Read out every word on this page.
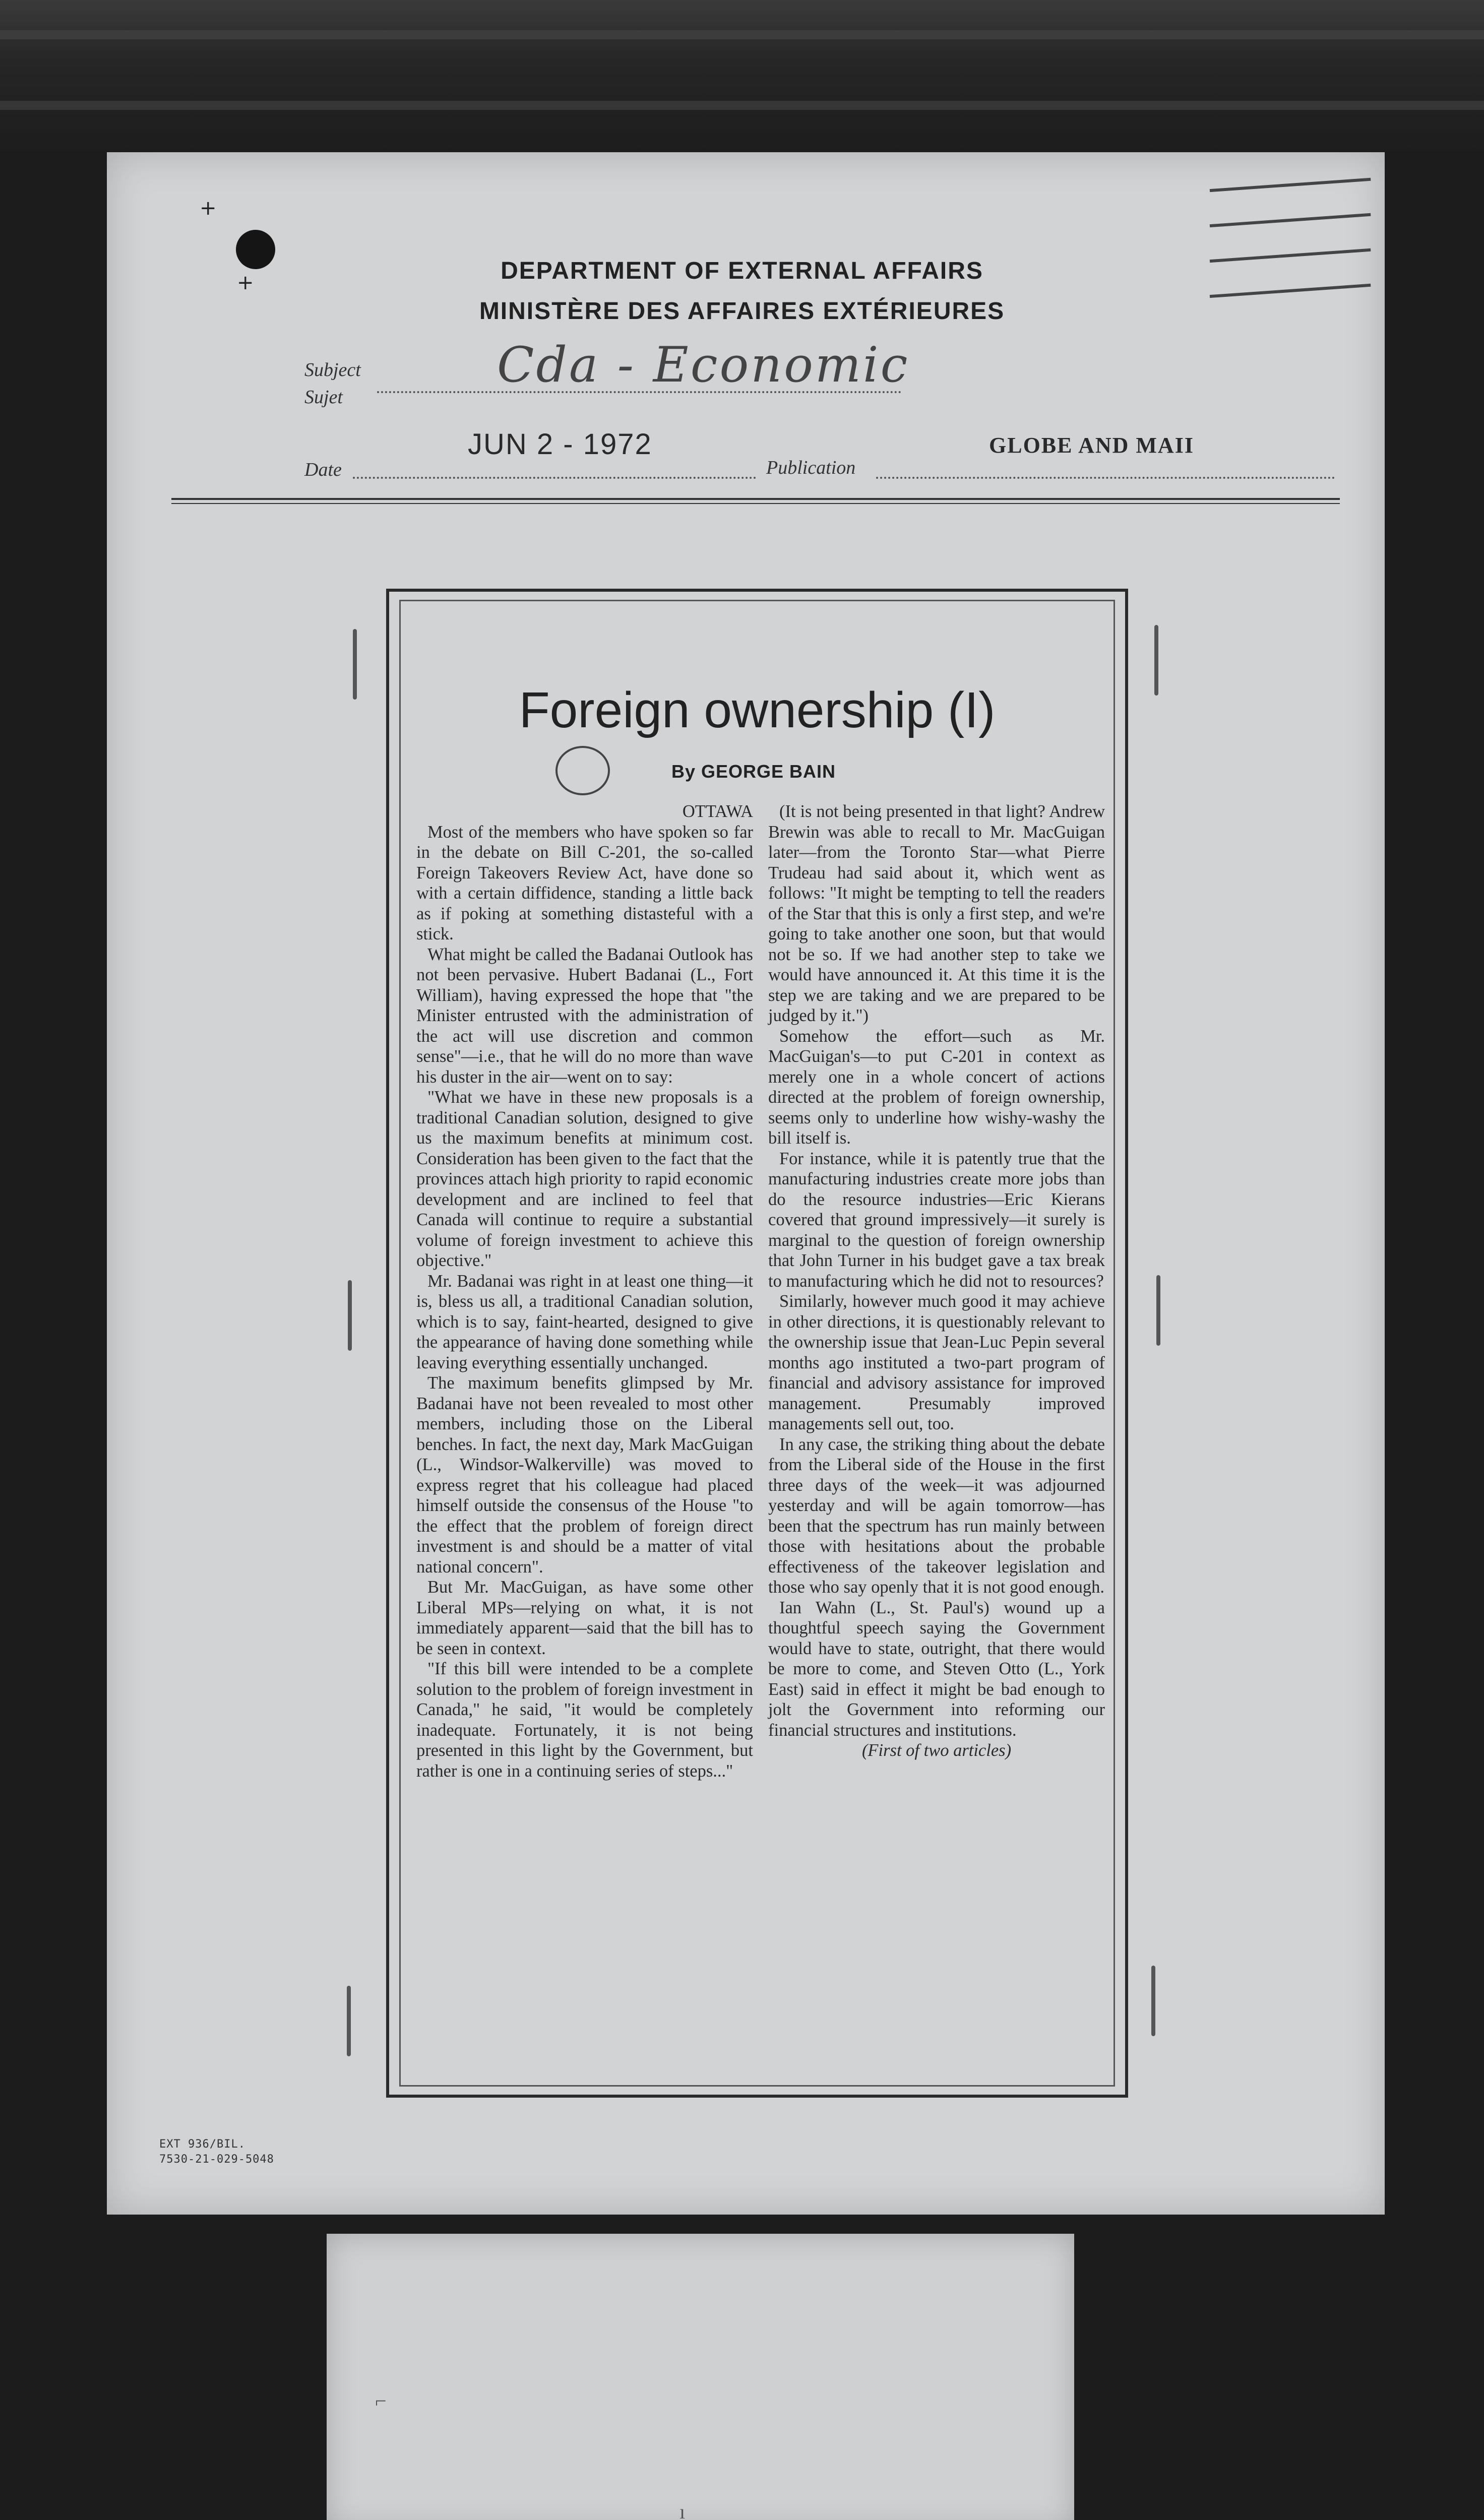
+
+	DEPARTMENT OF EXTERNAL AFFAIRS
MINISTÈRE DES AFFAIRES EXTÉRIEURES
Subject
Sujet
Cda - Economic
Date
JUN 2 - 1972
Publication
GLOBE AND MAII
Foreign ownership (I)
By GEORGE BAIN

OTTAWA

Most of the members who have spoken so far in the debate on Bill C-201, the so-called Foreign Takeovers Review Act, have done so with a certain diffidence, standing a little back as if poking at something distasteful with a stick.

What might be called the Badanai Outlook has not been pervasive. Hubert Badanai (L., Fort William), having expressed the hope that "the Minister entrusted with the administration of the act will use discretion and common sense"—i.e., that he will do no more than wave his duster in the air—went on to say:

"What we have in these new proposals is a traditional Canadian solution, designed to give us the maximum benefits at minimum cost. Consideration has been given to the fact that the provinces attach high priority to rapid economic development and are inclined to feel that Canada will continue to require a substantial volume of foreign investment to achieve this objective."

Mr. Badanai was right in at least one thing—it is, bless us all, a traditional Canadian solution, which is to say, faint-hearted, designed to give the appearance of having done something while leaving everything essentially unchanged.

The maximum benefits glimpsed by Mr. Badanai have not been revealed to most other members, including those on the Liberal benches. In fact, the next day, Mark MacGuigan (L., Windsor-Walkerville) was moved to express regret that his colleague had placed himself outside the consensus of the House "to the effect that the problem of foreign direct investment is and should be a matter of vital national concern".

But Mr. MacGuigan, as have some other Liberal MPs—relying on what, it is not immediately apparent—said that the bill has to be seen in context.

"If this bill were intended to be a complete solution to the problem of foreign investment in Canada," he said, "it would be completely inadequate. Fortunately, it is not being presented in this light by the Government, but rather is one in a continuing series of steps..."

(It is not being presented in that light? Andrew Brewin was able to recall to Mr. MacGuigan later—from the Toronto Star—what Pierre Trudeau had said about it, which went as follows: "It might be tempting to tell the readers of the Star that this is only a first step, and we're going to take another one soon, but that would not be so. If we had another step to take we would have announced it. At this time it is the step we are taking and we are prepared to be judged by it.")

Somehow the effort—such as Mr. MacGuigan's—to put C-201 in context as merely one in a whole concert of actions directed at the problem of foreign ownership, seems only to underline how wishy-washy the bill itself is.

For instance, while it is patently true that the manufacturing industries create more jobs than do the resource industries—Eric Kierans covered that ground impressively—it surely is marginal to the question of foreign ownership that John Turner in his budget gave a tax break to manufacturing which he did not to resources?

Similarly, however much good it may achieve in other directions, it is questionably relevant to the ownership issue that Jean-Luc Pepin several months ago instituted a two-part program of financial and advisory assistance for improved management. Presumably improved managements sell out, too.

In any case, the striking thing about the debate from the Liberal side of the House in the first three days of the week—it was adjourned yesterday and will be again tomorrow—has been that the spectrum has run mainly between those with hesitations about the probable effectiveness of the takeover legislation and those who say openly that it is not good enough.

Ian Wahn (L., St. Paul's) wound up a thoughtful speech saying the Government would have to state, outright, that there would be more to come, and Steven Otto (L., York East) said in effect it might be bad enough to jolt the Government into reforming our financial structures and institutions.

(First of two articles)

EXT 936/BIL.
7530-21-029-5048
⌐
ı
